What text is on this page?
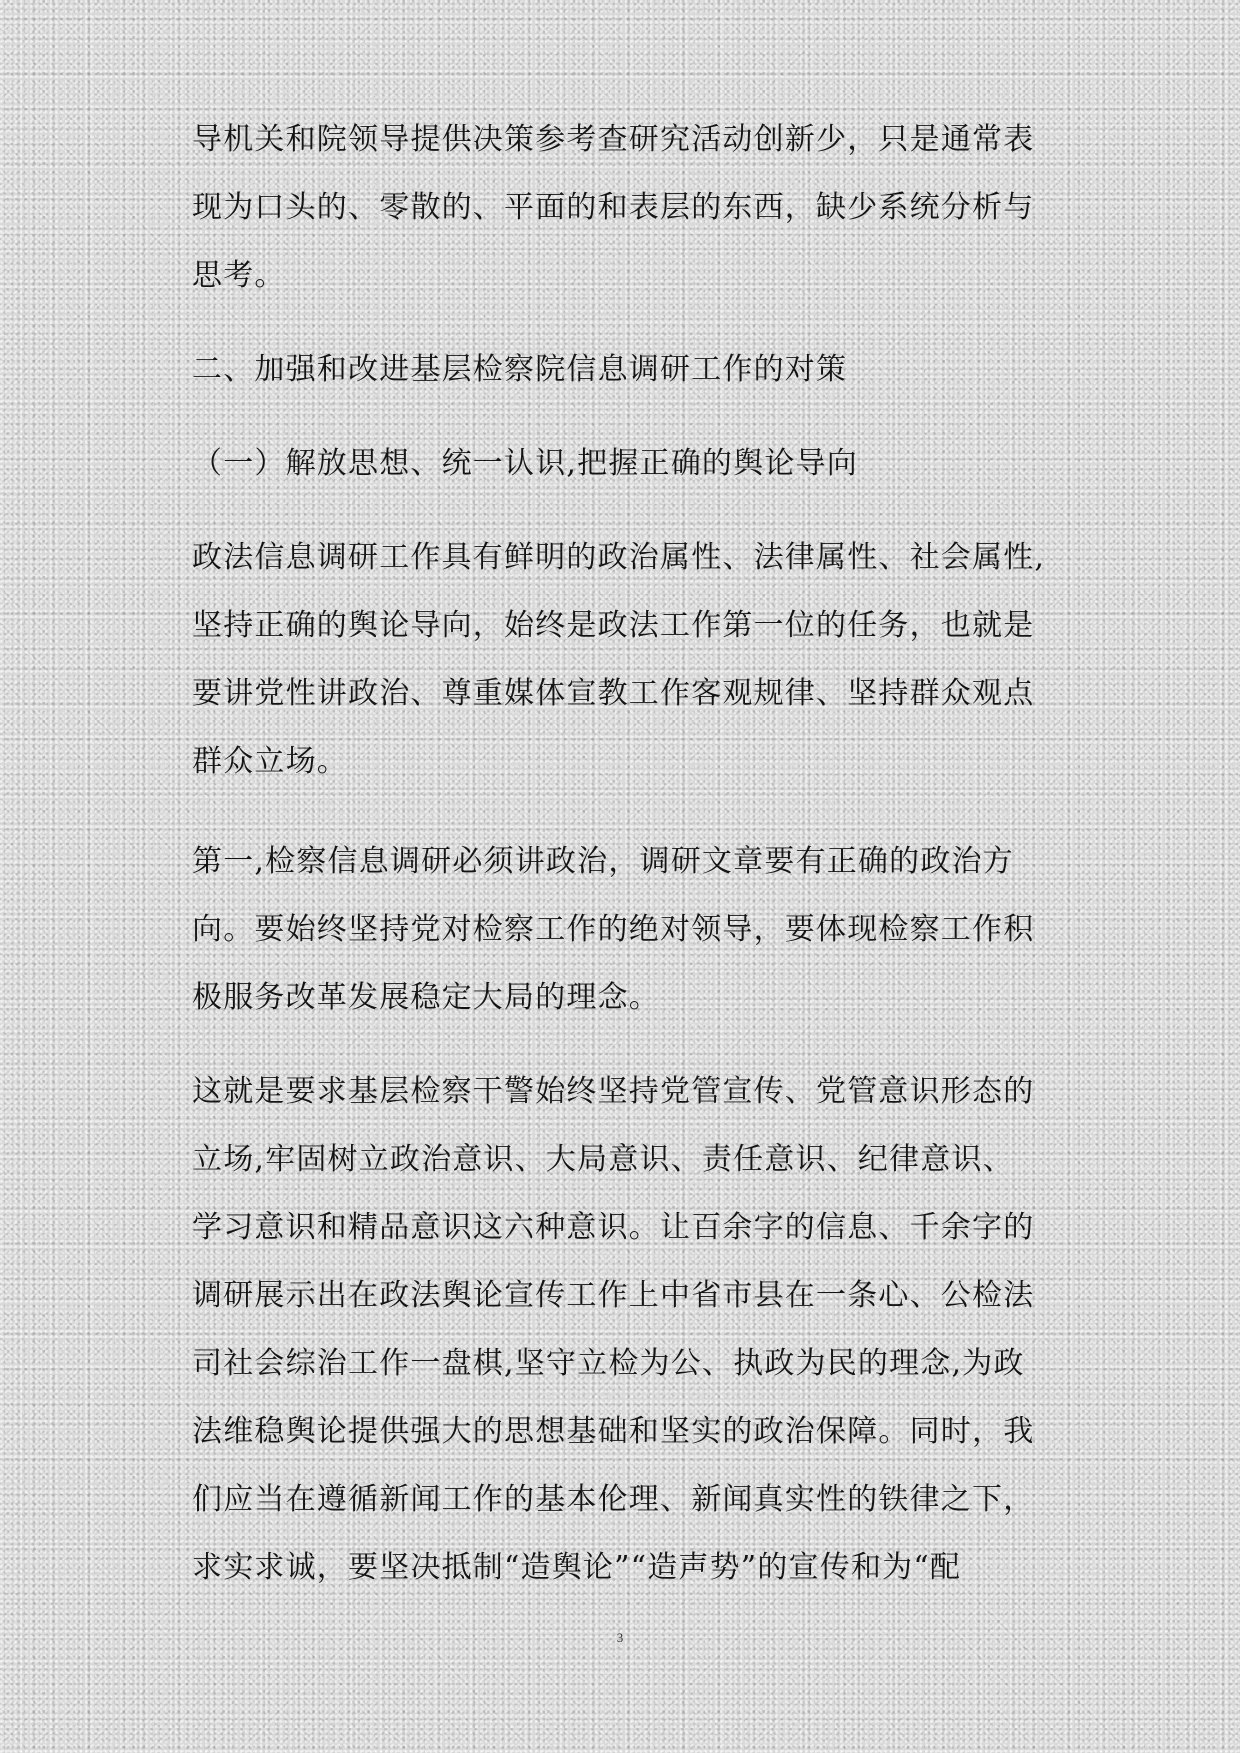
导机关和院领导提供决策参考查研究活动创新少，只是通常表

现为口头的、零散的、平面的和表层的东西，缺少系统分析与

思考。

二、加强和改进基层检察院信息调研工作的对策

（一）解放思想、统一认识,把握正确的舆论导向

政法信息调研工作具有鲜明的政治属性、法律属性、社会属性,

坚持正确的舆论导向，始终是政法工作第一位的任务，也就是

要讲党性讲政治、尊重媒体宣教工作客观规律、坚持群众观点

群众立场。

第一,检察信息调研必须讲政治，调研文章要有正确的政治方

向。要始终坚持党对检察工作的绝对领导，要体现检察工作积

极服务改革发展稳定大局的理念。

这就是要求基层检察干警始终坚持党管宣传、党管意识形态的

立场,牢固树立政治意识、大局意识、责任意识、纪律意识、

学习意识和精品意识这六种意识。让百余字的信息、千余字的

调研展示出在政法舆论宣传工作上中省市县在一条心、公检法

司社会综治工作一盘棋,坚守立检为公、执政为民的理念,为政

法维稳舆论提供强大的思想基础和坚实的政治保障。同时，我

们应当在遵循新闻工作的基本伦理、新闻真实性的铁律之下，

求实求诚，要坚决抵制“造舆论”“造声势”的宣传和为“配

3
